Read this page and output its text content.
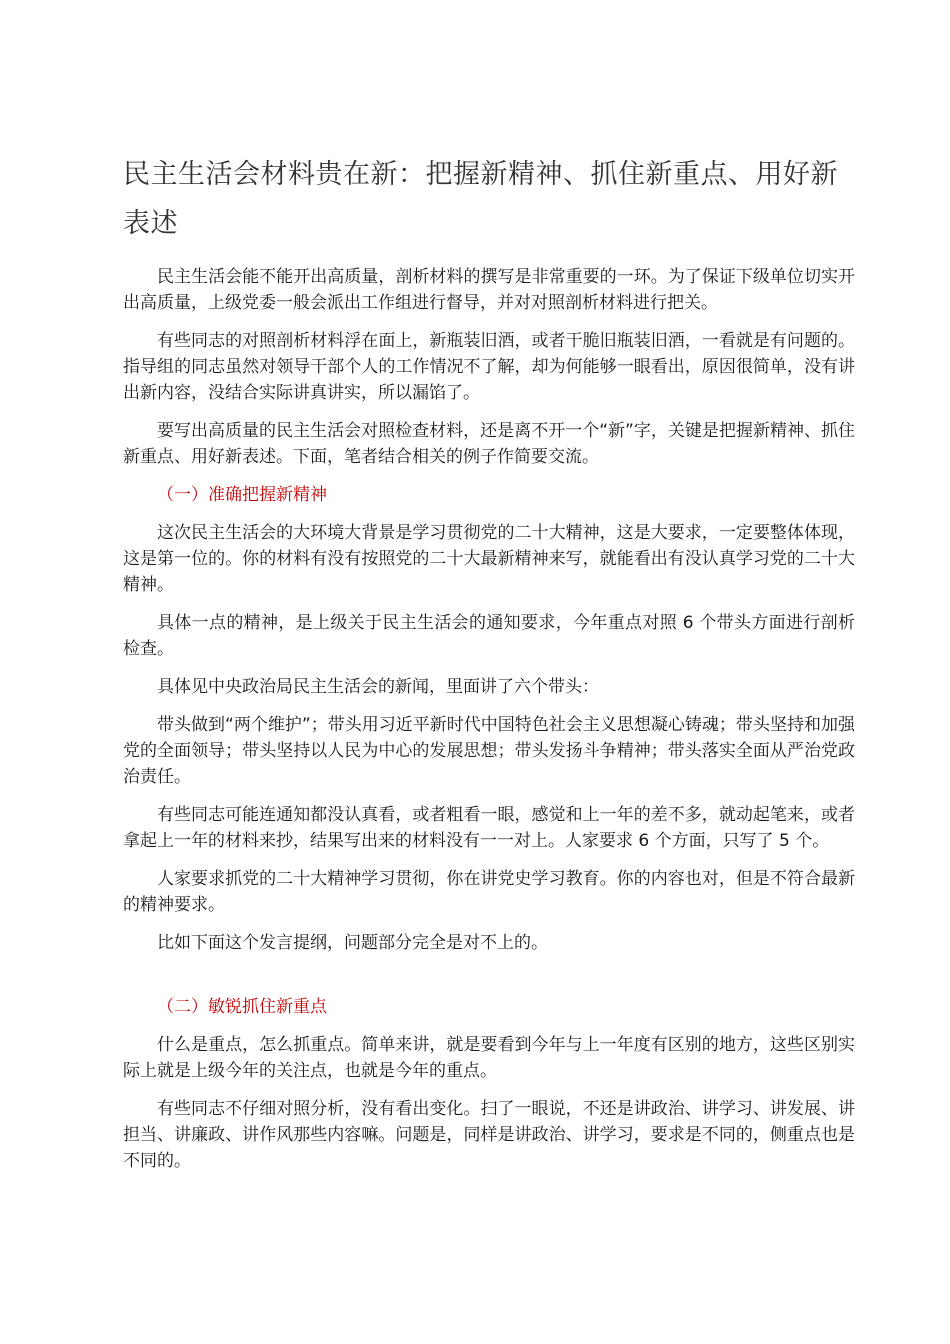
民主生活会材料贵在新：把握新精神、抓住新重点、用好新表述

民主生活会能不能开出高质量，剖析材料的撰写是非常重要的一环。为了保证下级单位切实开出高质量，上级党委一般会派出工作组进行督导，并对对照剖析材料进行把关。

有些同志的对照剖析材料浮在面上，新瓶装旧酒，或者干脆旧瓶装旧酒，一看就是有问题的。指导组的同志虽然对领导干部个人的工作情况不了解，却为何能够一眼看出，原因很简单，没有讲出新内容，没结合实际讲真讲实，所以漏馅了。

要写出高质量的民主生活会对照检查材料，还是离不开一个“新”字，关键是把握新精神、抓住新重点、用好新表述。下面，笔者结合相关的例子作简要交流。

（一）准确把握新精神

这次民主生活会的大环境大背景是学习贯彻党的二十大精神，这是大要求，一定要整体体现，这是第一位的。你的材料有没有按照党的二十大最新精神来写，就能看出有没认真学习党的二十大精神。

具体一点的精神，是上级关于民主生活会的通知要求，今年重点对照 6 个带头方面进行剖析检查。

具体见中央政治局民主生活会的新闻，里面讲了六个带头：

带头做到“两个维护”；带头用习近平新时代中国特色社会主义思想凝心铸魂；带头坚持和加强党的全面领导；带头坚持以人民为中心的发展思想；带头发扬斗争精神；带头落实全面从严治党政治责任。

有些同志可能连通知都没认真看，或者粗看一眼，感觉和上一年的差不多，就动起笔来，或者拿起上一年的材料来抄，结果写出来的材料没有一一对上。人家要求 6 个方面，只写了 5 个。

人家要求抓党的二十大精神学习贯彻，你在讲党史学习教育。你的内容也对，但是不符合最新的精神要求。

比如下面这个发言提纲，问题部分完全是对不上的。

（二）敏锐抓住新重点

什么是重点，怎么抓重点。简单来讲，就是要看到今年与上一年度有区别的地方，这些区别实际上就是上级今年的关注点，也就是今年的重点。

有些同志不仔细对照分析，没有看出变化。扫了一眼说，不还是讲政治、讲学习、讲发展、讲担当、讲廉政、讲作风那些内容嘛。问题是，同样是讲政治、讲学习，要求是不同的，侧重点也是不同的。
